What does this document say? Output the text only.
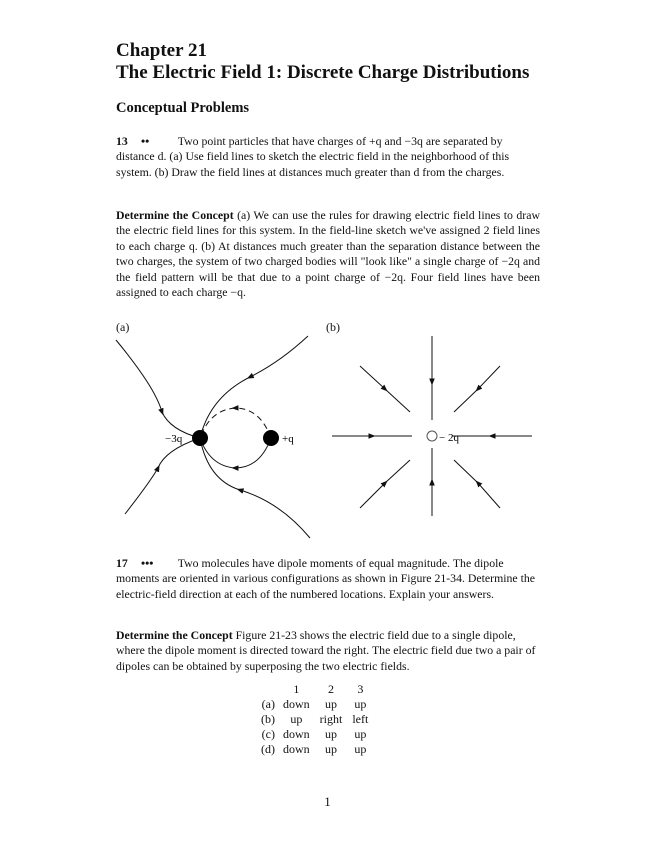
Chapter 21
The Electric Field 1: Discrete Charge Distributions
Conceptual Problems
13 •• Two point particles that have charges of +q and −3q are separated by distance d. (a) Use field lines to sketch the electric field in the neighborhood of this system. (b) Draw the field lines at distances much greater than d from the charges.
Determine the Concept (a) We can use the rules for drawing electric field lines to draw the electric field lines for this system. In the field-line sketch we've assigned 2 field lines to each charge q. (b) At distances much greater than the separation distance between the two charges, the system of two charged bodies will "look like" a single charge of −2q and the field pattern will be that due to a point charge of −2q. Four field lines have been assigned to each charge −q.
(a)	(b)
−3q	+q	− 2q
17 ••• Two molecules have dipole moments of equal magnitude. The dipole moments are oriented in various configurations as shown in Figure 21-34. Determine the electric-field direction at each of the numbered locations. Explain your answers.
Determine the Concept Figure 21-23 shows the electric field due to a single dipole, where the dipole moment is directed toward the right. The electric field due two a pair of dipoles can be obtained by superposing the two electric fields.
	1	2	3
(a)	down	up	up
(b)	up	right	left
(c)	down	up	up
(d)	down	up	up
1
